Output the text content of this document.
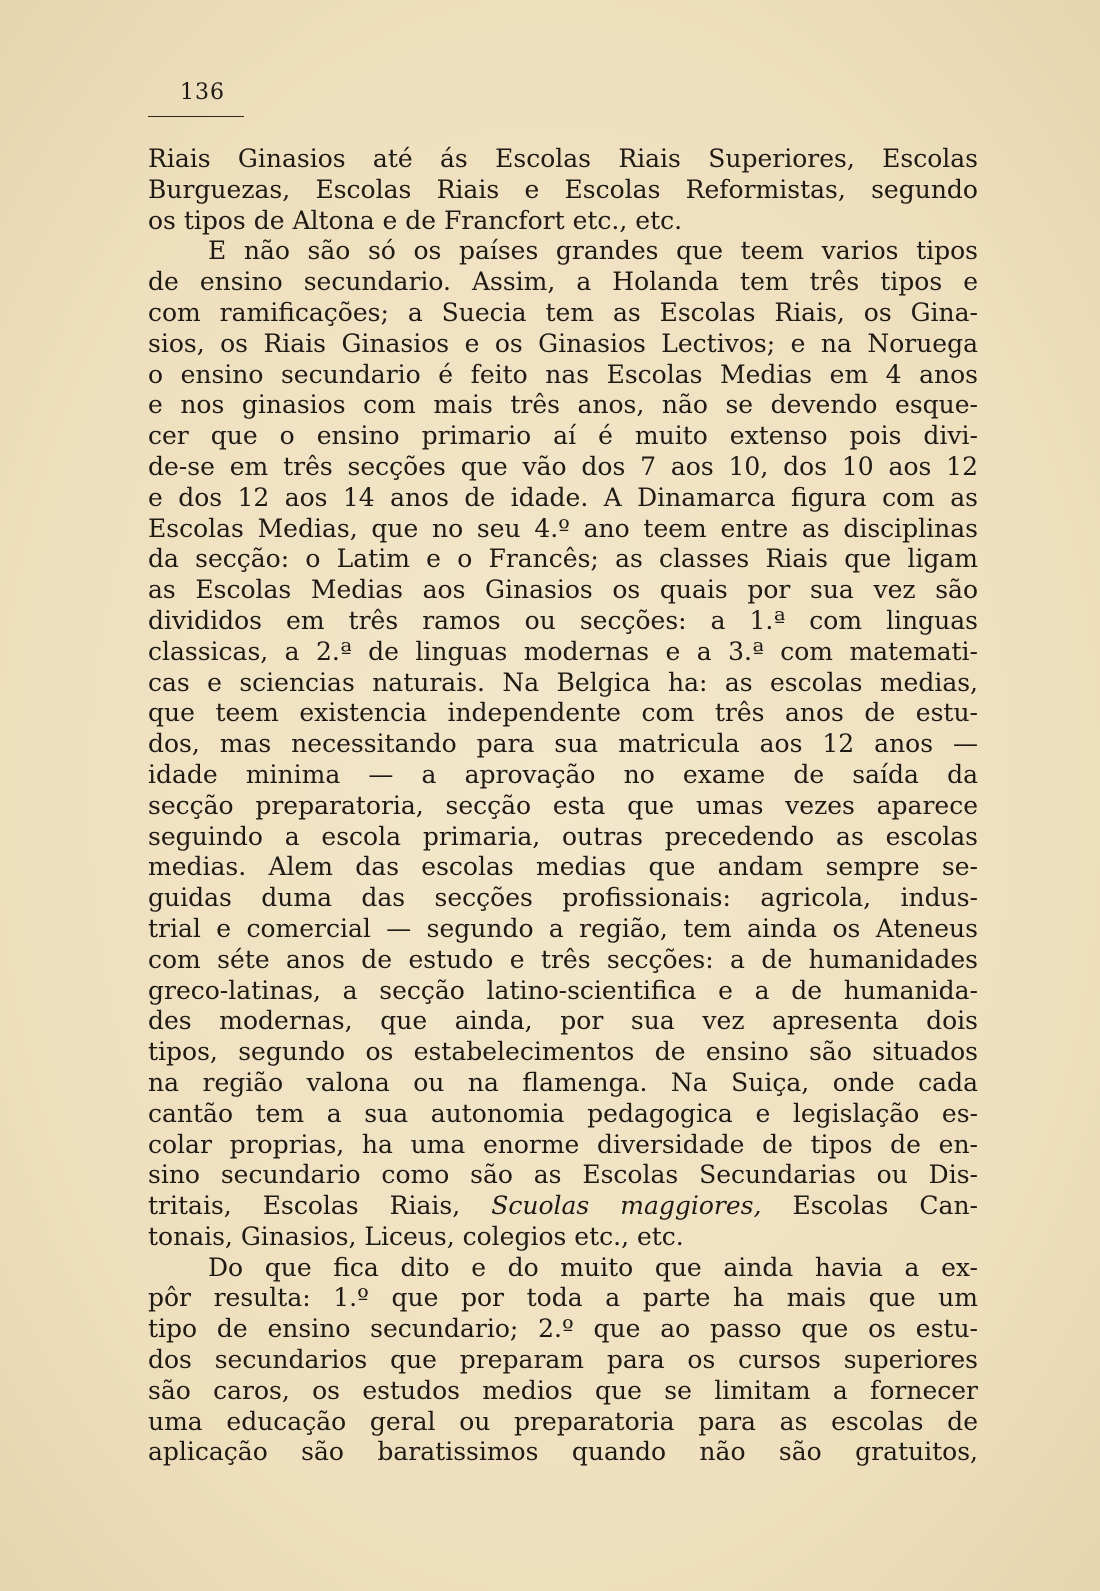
136
Riais Ginasios até ás Escolas Riais Superiores, Escolas
Burguezas, Escolas Riais e Escolas Reformistas, segundo
os tipos de Altona e de Francfort etc., etc.
E não são só os países grandes que teem varios tipos
de ensino secundario. Assim, a Holanda tem três tipos e
com ramificações; a Suecia tem as Escolas Riais, os Gina-
sios, os Riais Ginasios e os Ginasios Lectivos; e na Noruega
o ensino secundario é feito nas Escolas Medias em 4 anos
e nos ginasios com mais três anos, não se devendo esque-
cer que o ensino primario aí é muito extenso pois divi-
de-se em três secções que vão dos 7 aos 10, dos 10 aos 12
e dos 12 aos 14 anos de idade. A Dinamarca figura com as
Escolas Medias, que no seu 4.º ano teem entre as disciplinas
da secção: o Latim e o Francês; as classes Riais que ligam
as Escolas Medias aos Ginasios os quais por sua vez são
divididos em três ramos ou secções: a 1.ª com linguas
classicas, a 2.ª de linguas modernas e a 3.ª com matemati-
cas e sciencias naturais. Na Belgica ha: as escolas medias,
que teem existencia independente com três anos de estu-
dos, mas necessitando para sua matricula aos 12 anos —
idade minima — a aprovação no exame de saída da
secção preparatoria, secção esta que umas vezes aparece
seguindo a escola primaria, outras precedendo as escolas
medias. Alem das escolas medias que andam sempre se-
guidas duma das secções profissionais: agricola, indus-
trial e comercial — segundo a região, tem ainda os Ateneus
com séte anos de estudo e três secções: a de humanidades
greco-latinas, a secção latino-scientifica e a de humanida-
des modernas, que ainda, por sua vez apresenta dois
tipos, segundo os estabelecimentos de ensino são situados
na região valona ou na flamenga. Na Suiça, onde cada
cantão tem a sua autonomia pedagogica e legislação es-
colar proprias, ha uma enorme diversidade de tipos de en-
sino secundario como são as Escolas Secundarias ou Dis-
tritais, Escolas Riais, Scuolas maggiores, Escolas Can-
tonais, Ginasios, Liceus, colegios etc., etc.
Do que fica dito e do muito que ainda havia a ex-
pôr resulta: 1.º que por toda a parte ha mais que um
tipo de ensino secundario; 2.º que ao passo que os estu-
dos secundarios que preparam para os cursos superiores
são caros, os estudos medios que se limitam a fornecer
uma educação geral ou preparatoria para as escolas de
aplicação são baratissimos quando não são gratuitos,
